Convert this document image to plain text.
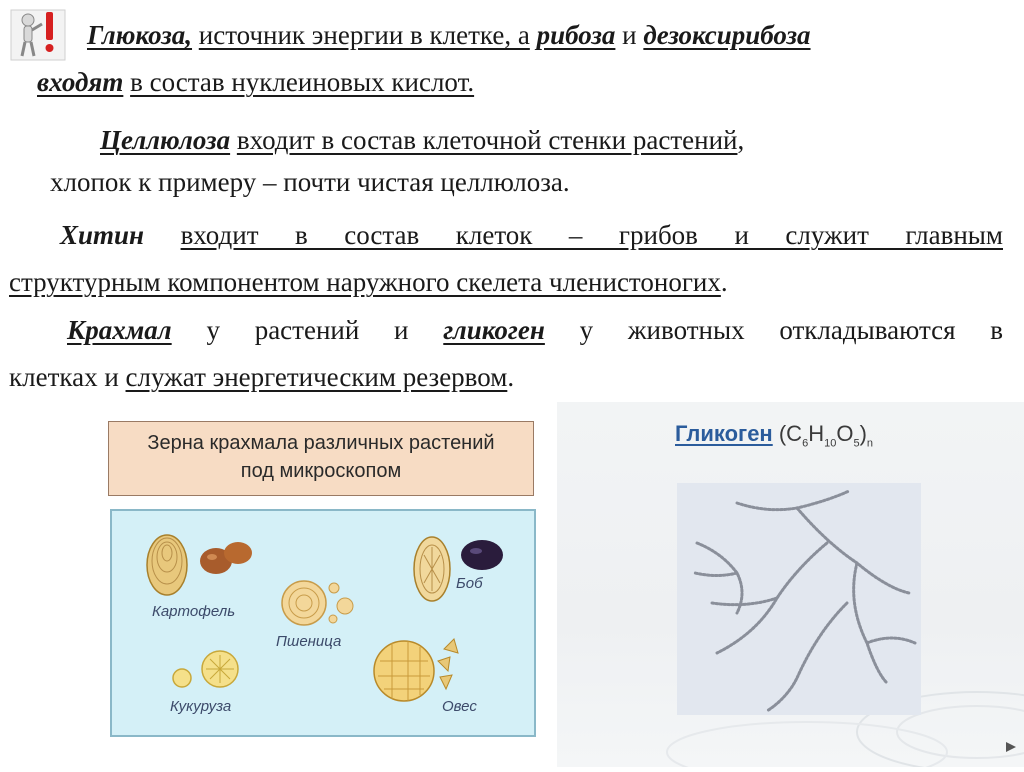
Глюкоза, источник энергии в клетке, а рибоза и дезоксирибоза
входят в состав нуклеиновых кислот.
Целлюлоза входит в состав клеточной стенки растений,
хлопок к примеру – почти чистая целлюлоза.
Хитин входит в состав клеток – грибов и служит главным
структурным компонентом наружного скелета членистоногих.
Крахмал у растений и гликоген у животных откладываются в
клетках и служат энергетическим резервом.
Зерна крахмала различных растений
под микроскопом
Картофель
Пшеница
Боб
Кукуруза	Овес
Гликоген $(C_6H_{10}O_5)_n$
